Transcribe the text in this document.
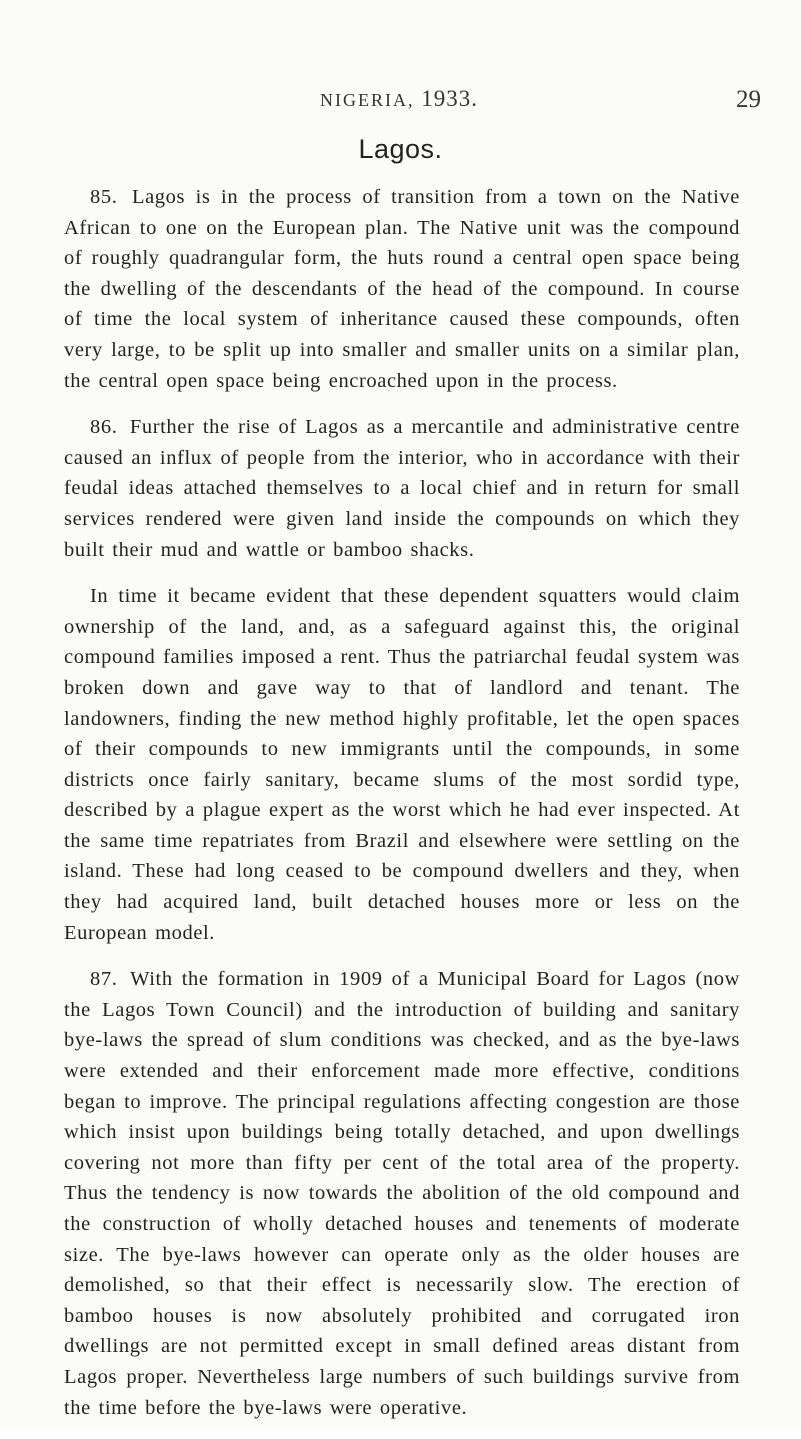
NIGERIA, 1933.	29
Lagos.

85. Lagos is in the process of transition from a town on the Native African to one on the European plan. The Native unit was the compound of roughly quadrangular form, the huts round a central open space being the dwelling of the descendants of the head of the compound. In course of time the local system of inheritance caused these compounds, often very large, to be split up into smaller and smaller units on a similar plan, the central open space being encroached upon in the process.

86. Further the rise of Lagos as a mercantile and administrative centre caused an influx of people from the interior, who in accordance with their feudal ideas attached themselves to a local chief and in return for small services rendered were given land inside the compounds on which they built their mud and wattle or bamboo shacks.

In time it became evident that these dependent squatters would claim ownership of the land, and, as a safeguard against this, the original compound families imposed a rent. Thus the patriarchal feudal system was broken down and gave way to that of landlord and tenant. The landowners, finding the new method highly profitable, let the open spaces of their compounds to new immigrants until the compounds, in some districts once fairly sanitary, became slums of the most sordid type, described by a plague expert as the worst which he had ever inspected. At the same time repatriates from Brazil and elsewhere were settling on the island. These had long ceased to be compound dwellers and they, when they had acquired land, built detached houses more or less on the European model.

87. With the formation in 1909 of a Municipal Board for Lagos (now the Lagos Town Council) and the introduction of building and sanitary bye-laws the spread of slum conditions was checked, and as the bye-laws were extended and their enforcement made more effective, conditions began to improve. The principal regulations affecting congestion are those which insist upon buildings being totally detached, and upon dwellings covering not more than fifty per cent of the total area of the property. Thus the tendency is now towards the abolition of the old compound and the construction of wholly detached houses and tenements of moderate size. The bye-laws however can operate only as the older houses are demolished, so that their effect is necessarily slow. The erection of bamboo houses is now absolutely prohibited and corrugated iron dwellings are not permitted except in small defined areas distant from Lagos proper. Nevertheless large numbers of such buildings survive from the time before the bye-laws were operative.
